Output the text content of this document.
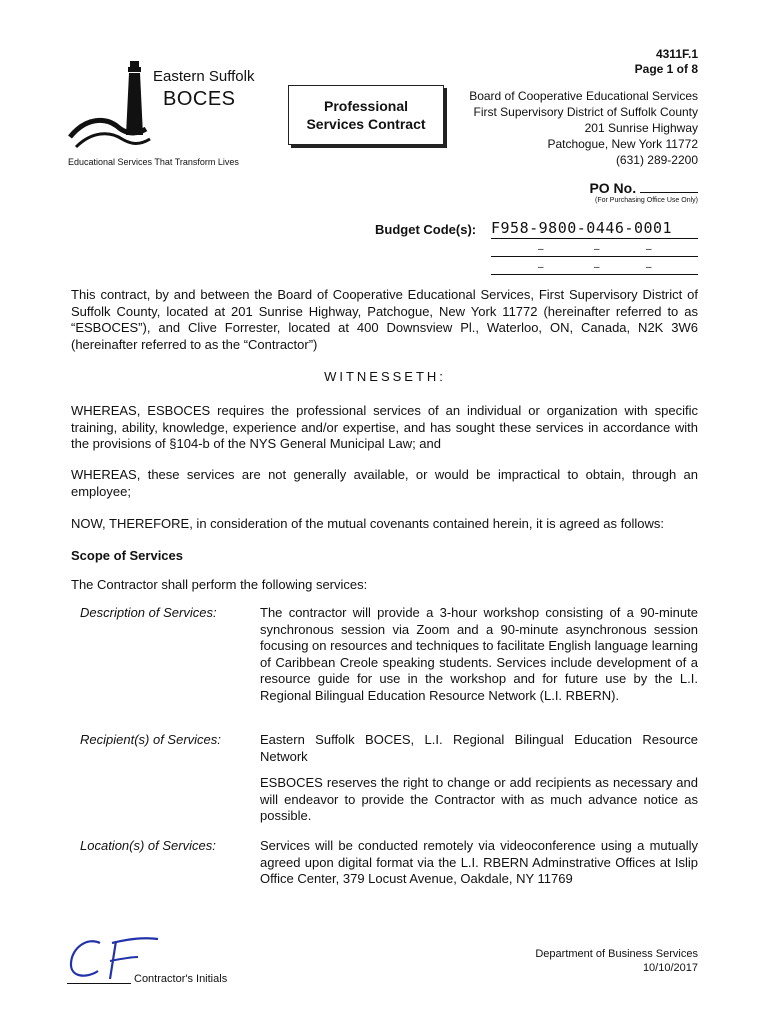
4311F.1
Page 1 of 8
Eastern Suffolk
BOCES
Educational Services That Transform Lives
Professional
Services Contract
Board of Cooperative Educational Services
First Supervisory District of Suffolk County
201 Sunrise Highway
Patchogue, New York 11772
(631) 289-2200
PO No.
(For Purchasing Office Use Only)
Budget Code(s): F958-9800-0446-0001
–	–	–
–	–	–
This contract, by and between the Board of Cooperative Educational Services, First Supervisory District of Suffolk County, located at 201 Sunrise Highway, Patchogue, New York 11772 (hereinafter referred to as “ESBOCES”), and Clive Forrester, located at 400 Downsview Pl., Waterloo, ON, Canada, N2K 3W6 (hereinafter referred to as the “Contractor”)
WITNESSETH:
WHEREAS, ESBOCES requires the professional services of an individual or organization with specific training, ability, knowledge, experience and/or expertise, and has sought these services in accordance with the provisions of §104-b of the NYS General Municipal Law; and
WHEREAS, these services are not generally available, or would be impractical to obtain, through an employee;
NOW, THEREFORE, in consideration of the mutual covenants contained herein, it is agreed as follows:
Scope of Services
The Contractor shall perform the following services:
Description of Services:	The contractor will provide a 3-hour workshop consisting of a 90-minute synchronous session via Zoom and a 90-minute asynchronous session focusing on resources and techniques to facilitate English language learning of Caribbean Creole speaking students. Services include development of a resource guide for use in the workshop and for future use by the L.I. Regional Bilingual Education Resource Network (L.I. RBERN).
Recipient(s) of Services:	Eastern Suffolk BOCES, L.I. Regional Bilingual Education Resource Network
ESBOCES reserves the right to change or add recipients as necessary and will endeavor to provide the Contractor with as much advance notice as possible.
Location(s) of Services:	Services will be conducted remotely via videoconference using a mutually agreed upon digital format via the L.I. RBERN Adminstrative Offices at Islip Office Center, 379 Locust Avenue, Oakdale, NY 11769
Contractor's Initials
Department of Business Services
10/10/2017
